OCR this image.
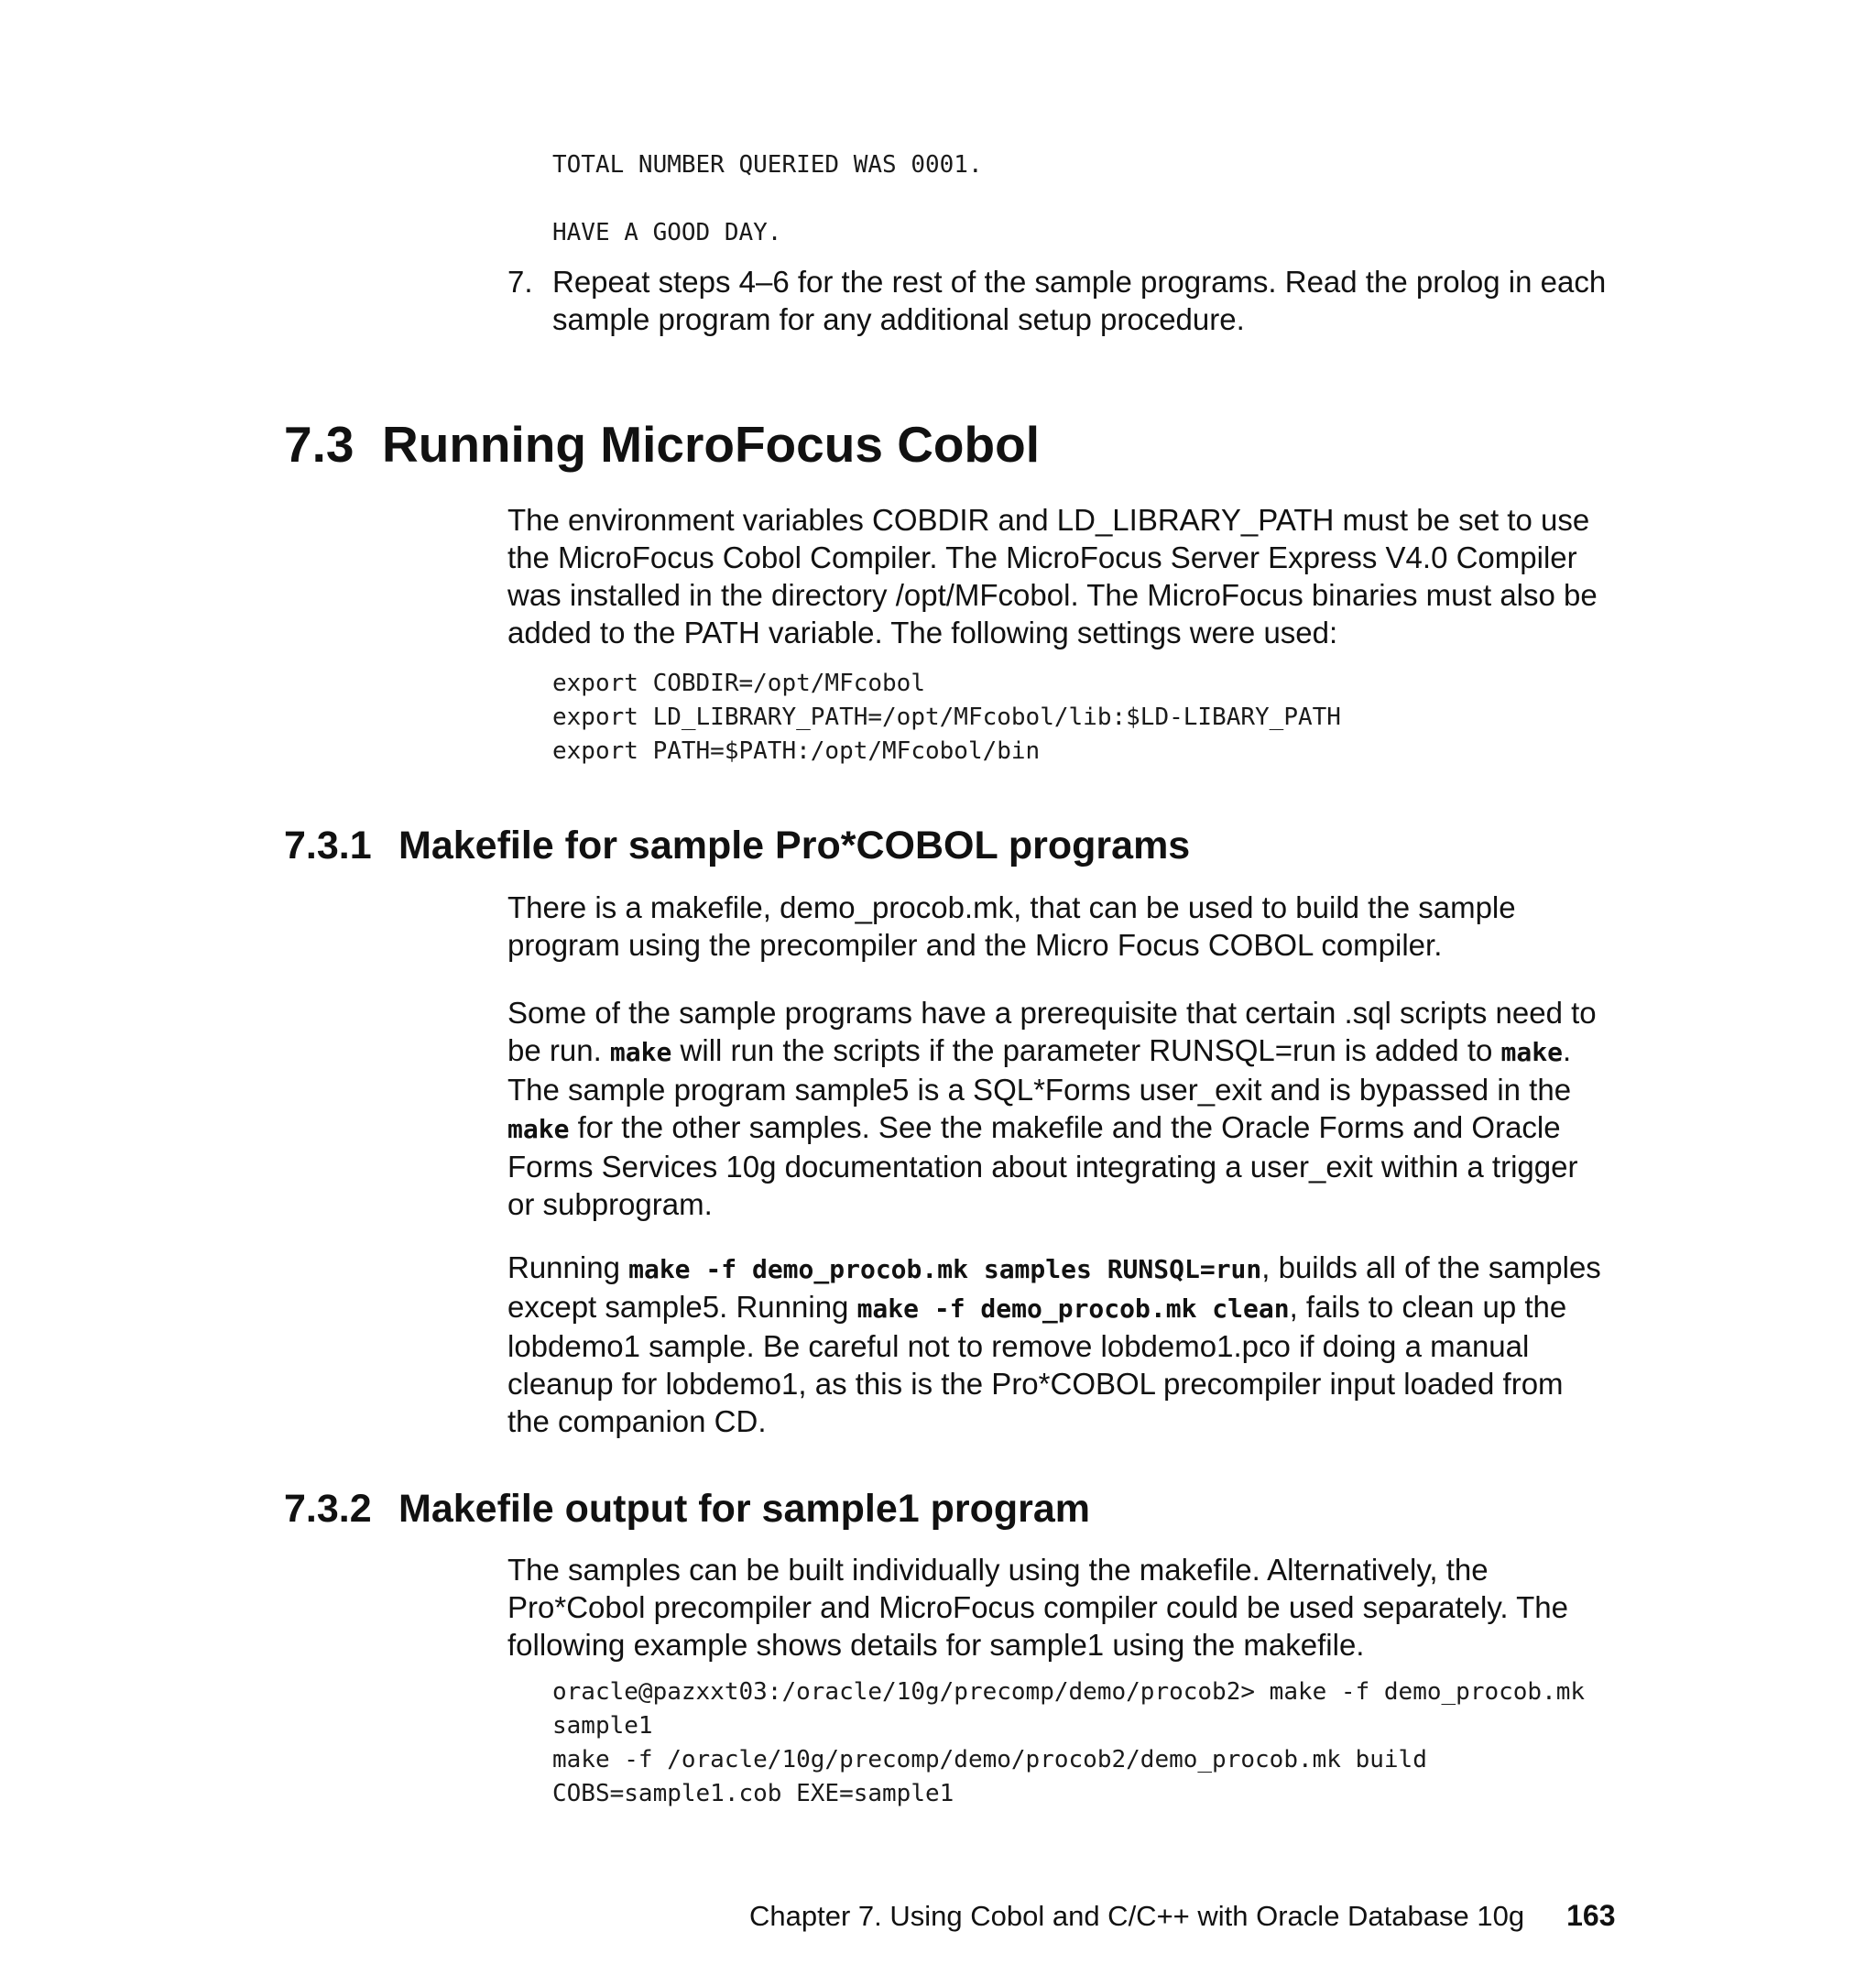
TOTAL NUMBER QUERIED WAS 0001.
HAVE A GOOD DAY.
7. Repeat steps 4–6 for the rest of the sample programs. Read the prolog in each sample program for any additional setup procedure.
7.3 Running MicroFocus Cobol

The environment variables COBDIR and LD_LIBRARY_PATH must be set to use the MicroFocus Cobol Compiler. The MicroFocus Server Express V4.0 Compiler was installed in the directory /opt/MFcobol. The MicroFocus binaries must also be added to the PATH variable. The following settings were used:

export COBDIR=/opt/MFcobol
export LD_LIBRARY_PATH=/opt/MFcobol/lib:$LD-LIBARY_PATH
export PATH=$PATH:/opt/MFcobol/bin
7.3.1 Makefile for sample Pro*COBOL programs

There is a makefile, demo_procob.mk, that can be used to build the sample program using the precompiler and the Micro Focus COBOL compiler.

Some of the sample programs have a prerequisite that certain .sql scripts need to be run. make will run the scripts if the parameter RUNSQL=run is added to make. The sample program sample5 is a SQL*Forms user_exit and is bypassed in the make for the other samples. See the makefile and the Oracle Forms and Oracle Forms Services 10g documentation about integrating a user_exit within a trigger or subprogram.

Running make -f demo_procob.mk samples RUNSQL=run, builds all of the samples except sample5. Running make -f demo_procob.mk clean, fails to clean up the lobdemo1 sample. Be careful not to remove lobdemo1.pco if doing a manual cleanup for lobdemo1, as this is the Pro*COBOL precompiler input loaded from the companion CD.

7.3.2 Makefile output for sample1 program

The samples can be built individually using the makefile. Alternatively, the Pro*Cobol precompiler and MicroFocus compiler could be used separately. The following example shows details for sample1 using the makefile.

oracle@pazxxt03:/oracle/10g/precomp/demo/procob2> make -f demo_procob.mk
sample1
make -f /oracle/10g/precomp/demo/procob2/demo_procob.mk build
COBS=sample1.cob EXE=sample1
Chapter 7. Using Cobol and C/C++ with Oracle Database 10g 163
